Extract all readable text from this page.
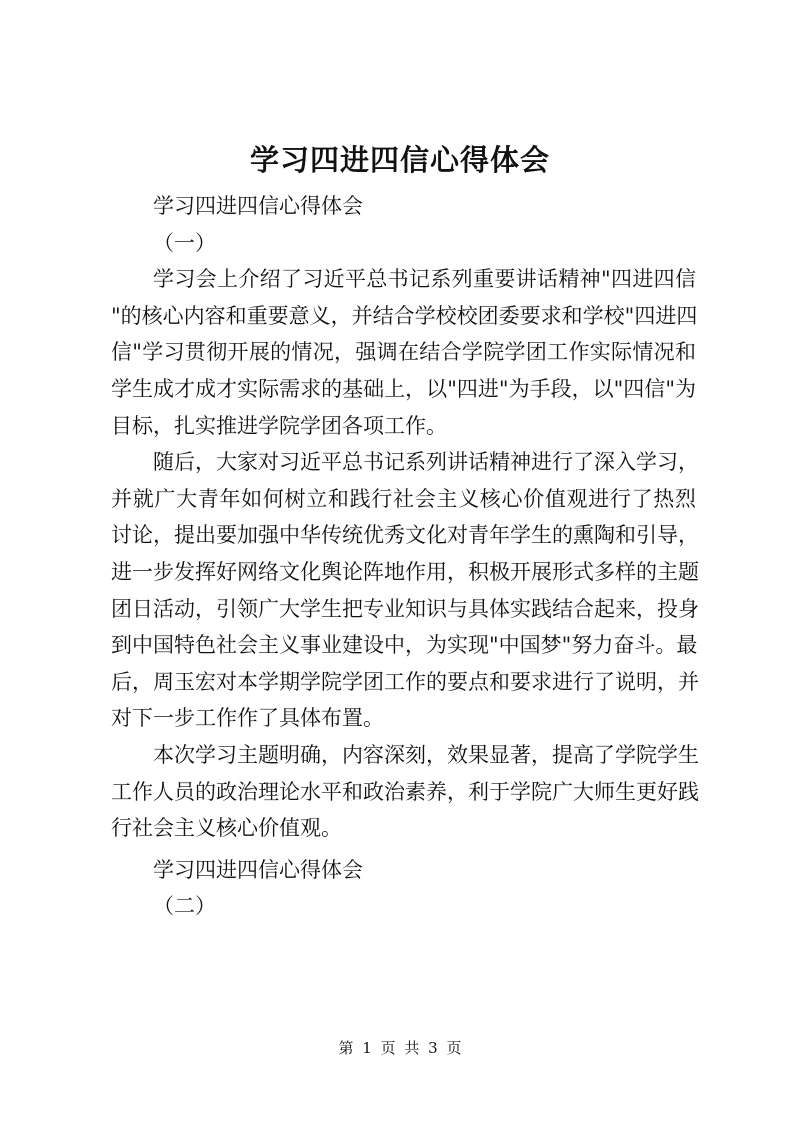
学习四进四信心得体会
学习四进四信心得体会
（一）
学习会上介绍了习近平总书记系列重要讲话精神"四进四信
"的核心内容和重要意义，并结合学校校团委要求和学校"四进四
信"学习贯彻开展的情况，强调在结合学院学团工作实际情况和
学生成才成才实际需求的基础上，以"四进"为手段，以"四信"为
目标，扎实推进学院学团各项工作。
随后，大家对习近平总书记系列讲话精神进行了深入学习，
并就广大青年如何树立和践行社会主义核心价值观进行了热烈
讨论，提出要加强中华传统优秀文化对青年学生的熏陶和引导，
进一步发挥好网络文化舆论阵地作用，积极开展形式多样的主题
团日活动，引领广大学生把专业知识与具体实践结合起来，投身
到中国特色社会主义事业建设中，为实现"中国梦"努力奋斗。最
后，周玉宏对本学期学院学团工作的要点和要求进行了说明，并
对下一步工作作了具体布置。
本次学习主题明确，内容深刻，效果显著，提高了学院学生
工作人员的政治理论水平和政治素养，利于学院广大师生更好践
行社会主义核心价值观。
学习四进四信心得体会
（二）
第 1 页 共 3 页
